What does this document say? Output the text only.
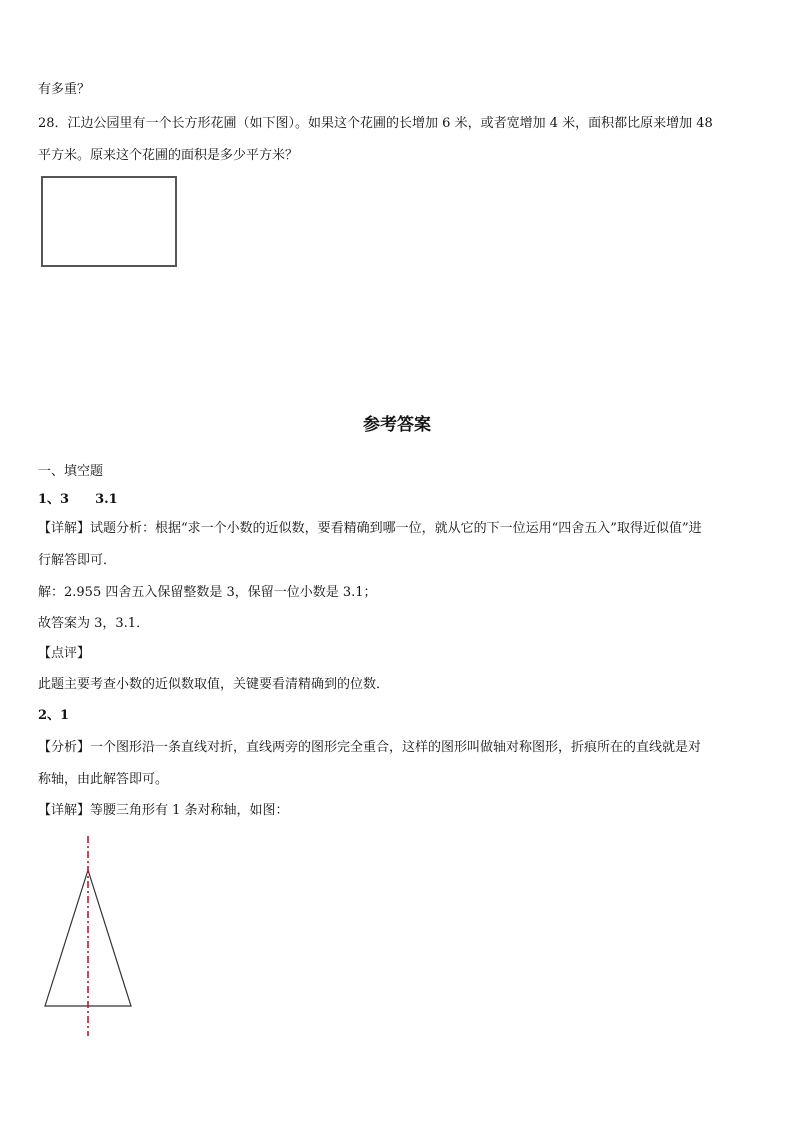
有多重？
28．江边公园里有一个长方形花圃（如下图）。如果这个花圃的长增加 6 米，或者宽增加 4 米，面积都比原来增加 48
平方米。原来这个花圃的面积是多少平方米？
参考答案
一、填空题
1、3　　3.1
【详解】试题分析：根据“求一个小数的近似数，要看精确到哪一位，就从它的下一位运用“四舍五入”取得近似值”进
行解答即可．
解：2.955 四舍五入保留整数是 3，保留一位小数是 3.1；
故答案为 3，3.1．
【点评】
此题主要考查小数的近似数取值，关键要看清精确到的位数．
2、1
【分析】一个图形沿一条直线对折，直线两旁的图形完全重合，这样的图形叫做轴对称图形，折痕所在的直线就是对
称轴，由此解答即可。
【详解】等腰三角形有 1 条对称轴，如图：
